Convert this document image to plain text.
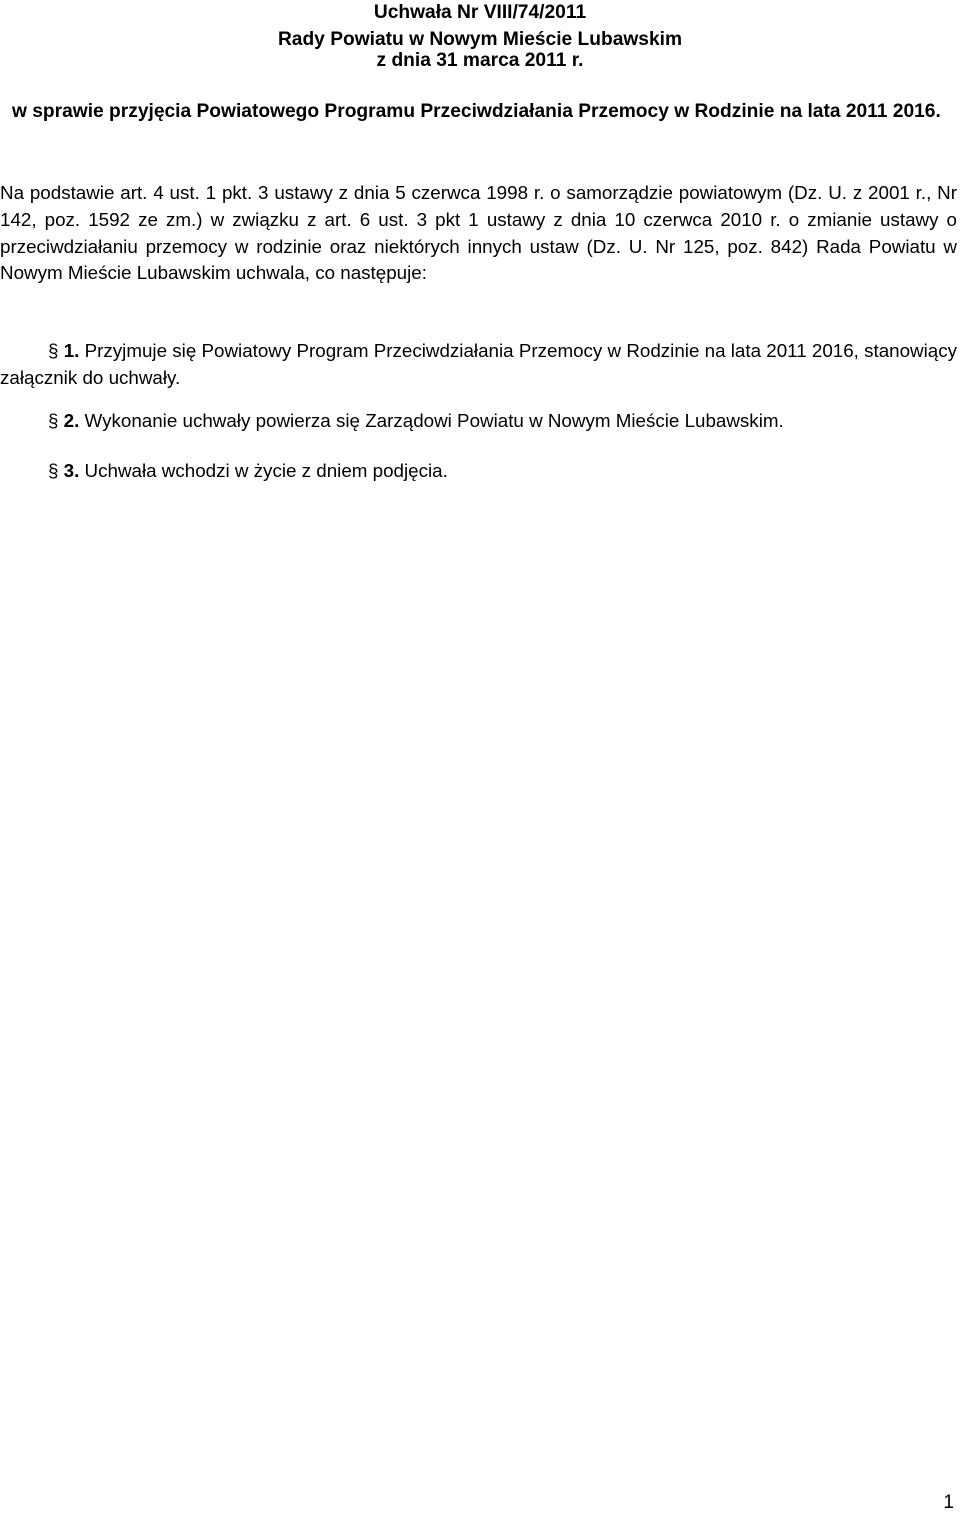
Uchwała Nr VIII/74/2011
Rady Powiatu w Nowym Mieście Lubawskim
z dnia 31 marca 2011 r.
w sprawie przyjęcia Powiatowego Programu Przeciwdziałania Przemocy w Rodzinie na lata 2011 2016.
Na podstawie art. 4 ust. 1 pkt. 3 ustawy z dnia 5 czerwca 1998 r. o samorządzie powiatowym (Dz. U. z 2001 r., Nr 142, poz. 1592 ze zm.) w związku z art. 6 ust. 3 pkt 1 ustawy z dnia 10 czerwca 2010 r. o zmianie ustawy o przeciwdziałaniu przemocy w rodzinie oraz niektórych innych ustaw (Dz. U. Nr 125, poz. 842) Rada Powiatu w Nowym Mieście Lubawskim uchwala, co następuje:
§ 1. Przyjmuje się Powiatowy Program Przeciwdziałania Przemocy w Rodzinie na lata 2011 2016, stanowiący załącznik do uchwały.
§ 2. Wykonanie uchwały powierza się Zarządowi Powiatu w Nowym Mieście Lubawskim.
§ 3. Uchwała wchodzi w życie z dniem podjęcia.
1
